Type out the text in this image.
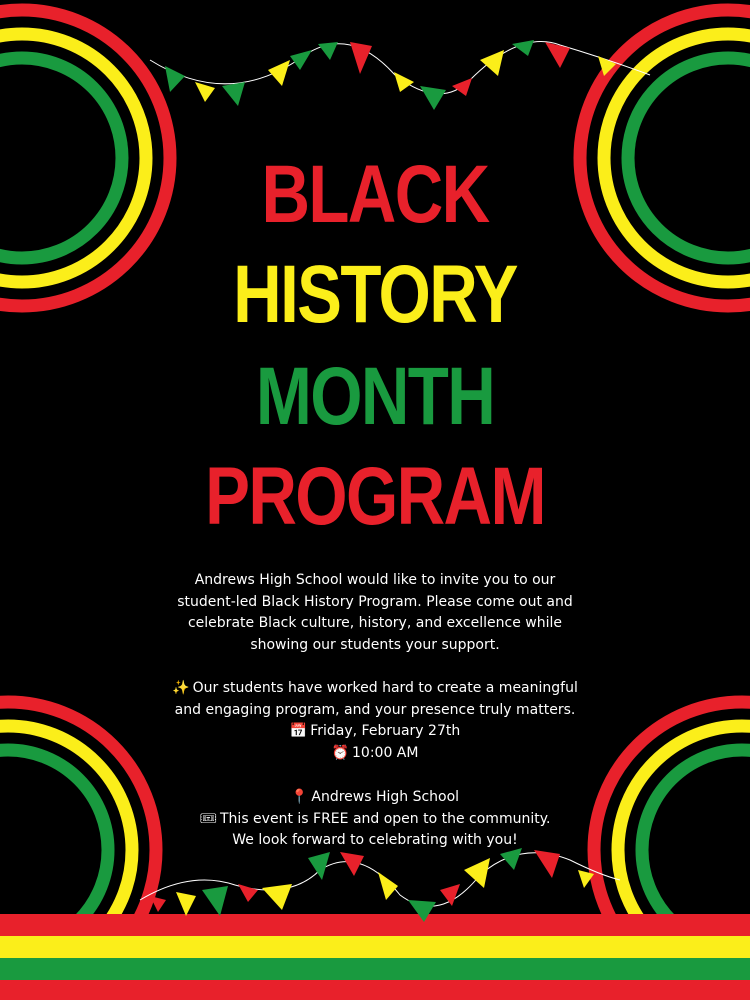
BLACK
HISTORY
MONTH
PROGRAM

Andrews High School would like to invite you to our

student-led Black History Program. Please come out and

celebrate Black culture, history, and excellence while

showing our students your support.

✨ Our students have worked hard to create a meaningful

and engaging program, and your presence truly matters.

📅 Friday, February 27th

⏰ 10:00 AM

📍 Andrews High School

🎟 This event is FREE and open to the community.

We look forward to celebrating with you!
